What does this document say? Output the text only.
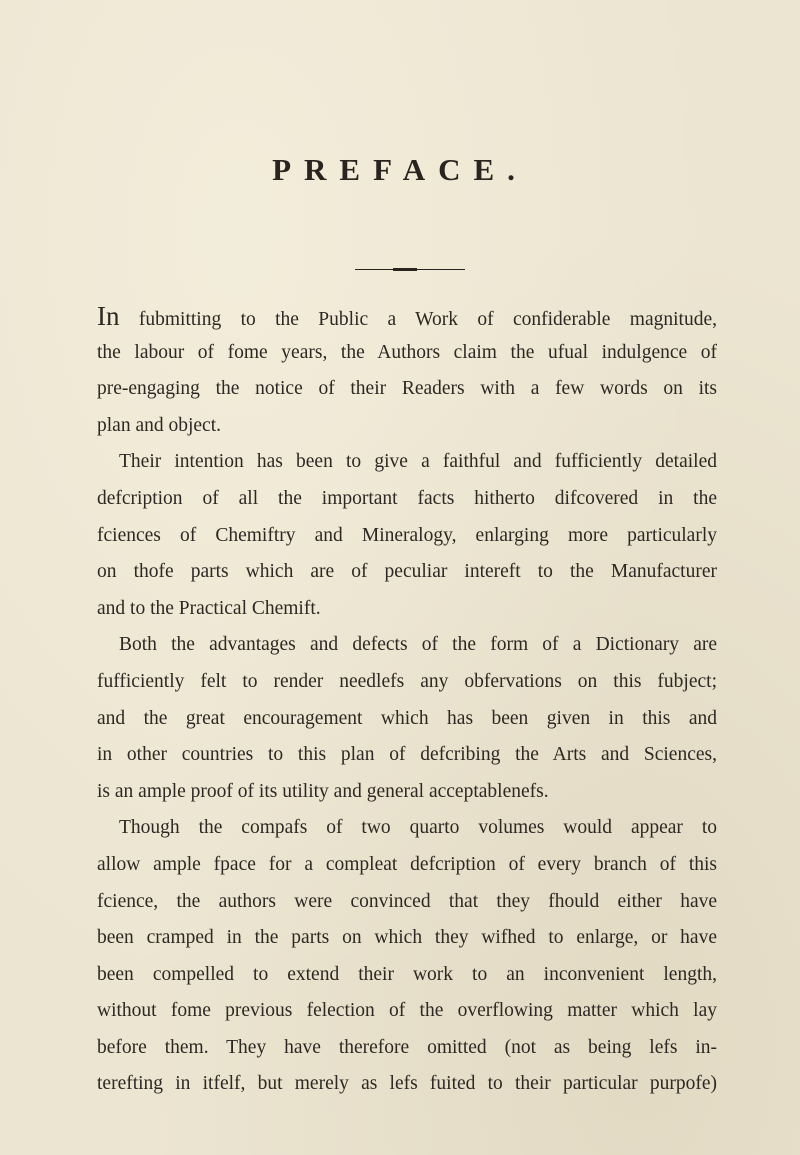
PREFACE.
In fubmitting to the Public a Work of confiderable magnitude,
the labour of fome years, the Authors claim the ufual indulgence of
pre-engaging the notice of their Readers with a few words on its
plan and object.
Their intention has been to give a faithful and fufficiently detailed
defcription of all the important facts hitherto difcovered in the
fciences of Chemiftry and Mineralogy, enlarging more particularly
on thofe parts which are of peculiar intereft to the Manufacturer
and to the Practical Chemift.
Both the advantages and defects of the form of a Dictionary are
fufficiently felt to render needlefs any obfervations on this fubject;
and the great encouragement which has been given in this and
in other countries to this plan of defcribing the Arts and Sciences,
is an ample proof of its utility and general acceptablenefs.
Though the compafs of two quarto volumes would appear to
allow ample fpace for a compleat defcription of every branch of this
fcience, the authors were convinced that they fhould either have
been cramped in the parts on which they wifhed to enlarge, or have
been compelled to extend their work to an inconvenient length,
without fome previous felection of the overflowing matter which lay
before them. They have therefore omitted (not as being lefs in-
terefting in itfelf, but merely as lefs fuited to their particular purpofe)
